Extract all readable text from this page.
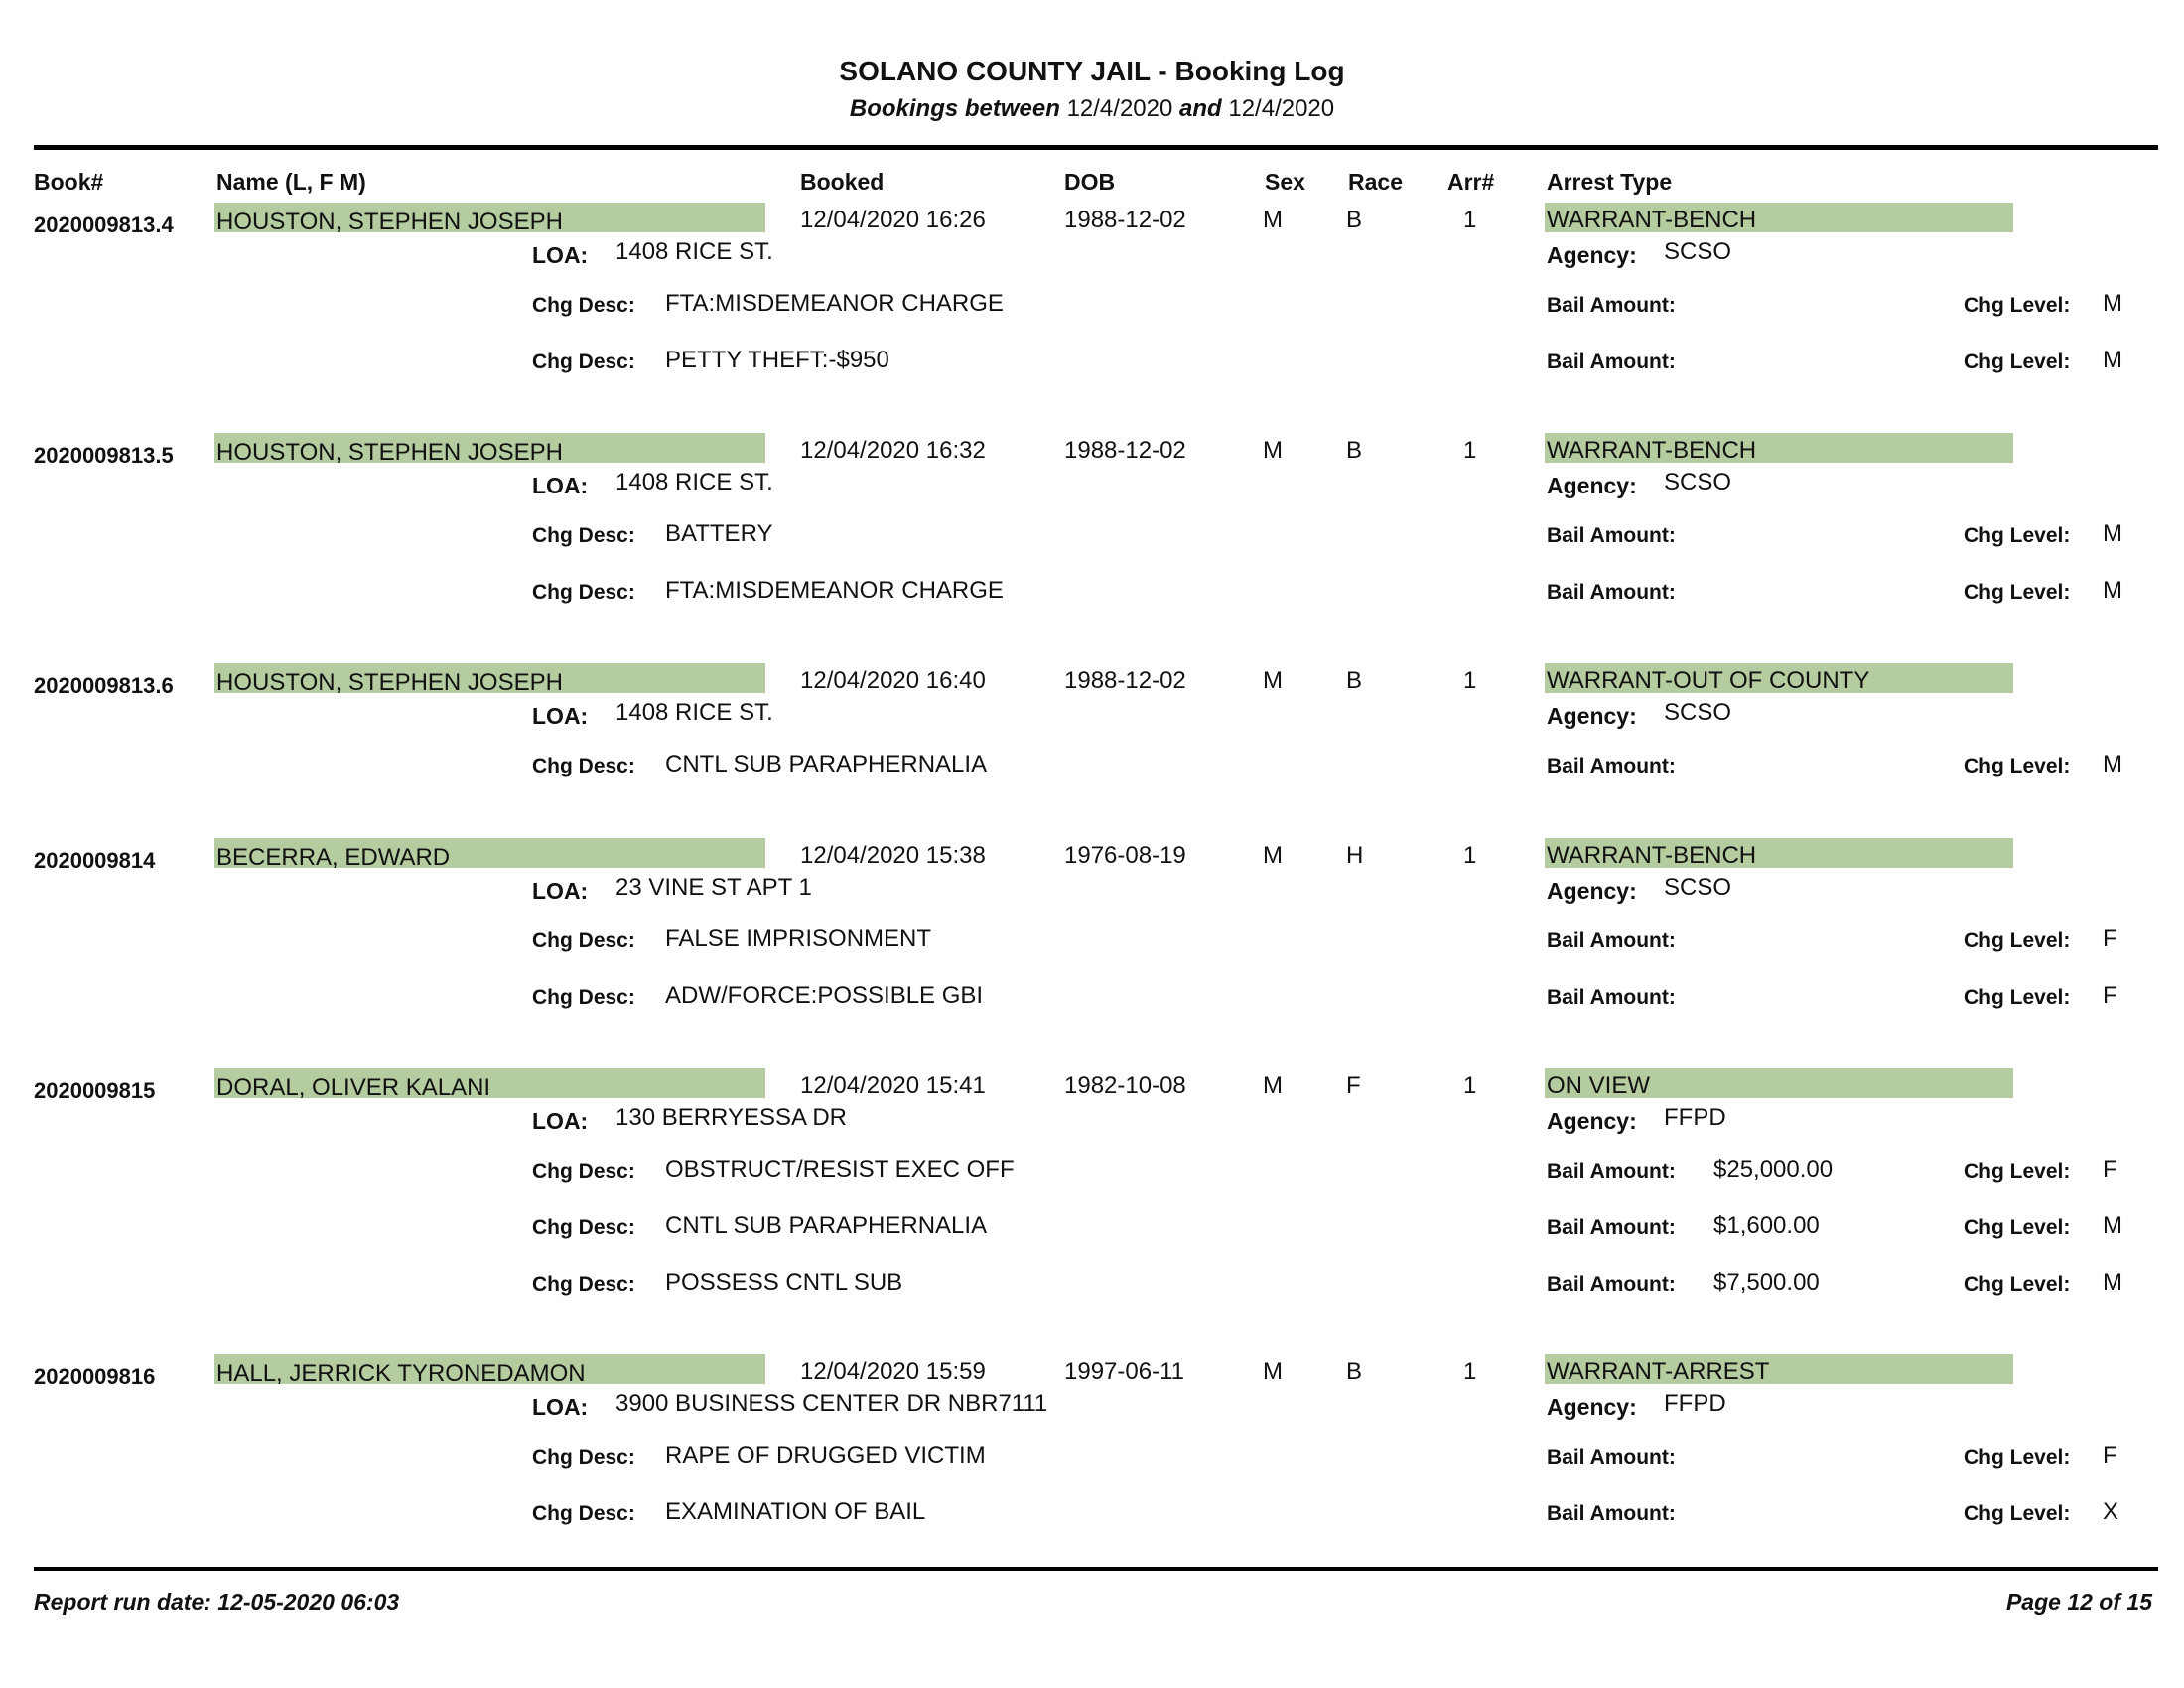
SOLANO COUNTY JAIL - Booking Log
Bookings between 12/4/2020 and 12/4/2020
Book#	Name (L, F M)	Booked	DOB	Sex Race Arr# Arrest Type
2020009813.4 HOUSTON, STEPHEN JOSEPH	12/04/2020 16:26	1988-12-02	M	B	1	WARRANT-BENCH
LOA: 1408 RICE ST.	Agency: SCSO
Chg Desc: FTA:MISDEMEANOR CHARGE	Bail Amount:	Chg Level: M
Chg Desc: PETTY THEFT:-$950	Bail Amount:	Chg Level: M
2020009813.5 HOUSTON, STEPHEN JOSEPH	12/04/2020 16:32	1988-12-02	M	B	1	WARRANT-BENCH
LOA: 1408 RICE ST.	Agency: SCSO
Chg Desc: BATTERY	Bail Amount:	Chg Level: M
Chg Desc: FTA:MISDEMEANOR CHARGE	Bail Amount:	Chg Level: M
2020009813.6 HOUSTON, STEPHEN JOSEPH	12/04/2020 16:40	1988-12-02	M	B	1	WARRANT-OUT OF COUNTY
LOA: 1408 RICE ST.	Agency: SCSO
Chg Desc: CNTL SUB PARAPHERNALIA	Bail Amount:	Chg Level: M
2020009814	BECERRA, EDWARD	12/04/2020 15:38	1976-08-19	M	H	1	WARRANT-BENCH
LOA: 23 VINE ST APT 1	Agency: SCSO
Chg Desc: FALSE IMPRISONMENT	Bail Amount:	Chg Level: F
Chg Desc: ADW/FORCE:POSSIBLE GBI	Bail Amount:	Chg Level: F
2020009815	DORAL, OLIVER KALANI	12/04/2020 15:41	1982-10-08	M	F	1	ON VIEW
LOA: 130 BERRYESSA DR	Agency: FFPD
Chg Desc: OBSTRUCT/RESIST EXEC OFF	Bail Amount: $25,000.00	Chg Level: F
Chg Desc: CNTL SUB PARAPHERNALIA	Bail Amount: $1,600.00	Chg Level: M
Chg Desc: POSSESS CNTL SUB	Bail Amount: $7,500.00	Chg Level: M
2020009816	HALL, JERRICK TYRONEDAMON	12/04/2020 15:59	1997-06-11	M	B	1	WARRANT-ARREST
LOA: 3900 BUSINESS CENTER DR NBR7111	Agency: FFPD
Chg Desc: RAPE OF DRUGGED VICTIM	Bail Amount:	Chg Level: F
Chg Desc: EXAMINATION OF BAIL	Bail Amount:	Chg Level: X
Report run date: 12-05-2020 06:03	Page 12 of 15
